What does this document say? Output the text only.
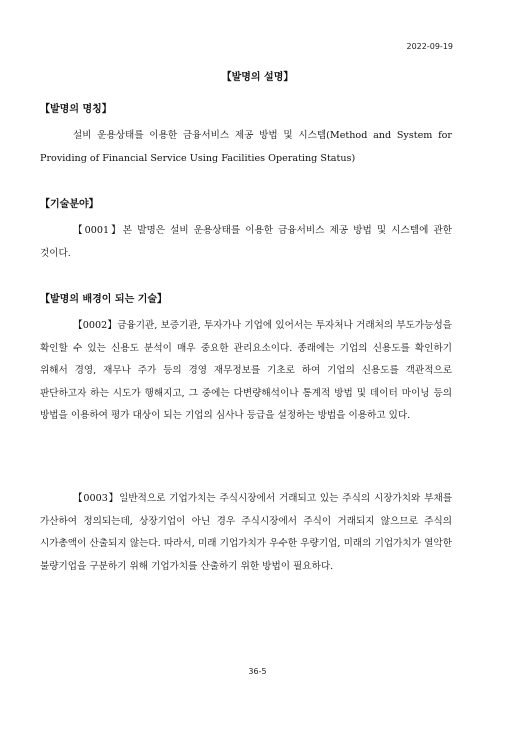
2022-09-19
【발명의 설명】
【발명의 명칭】
설비 운용상태를 이용한 금융서비스 제공 방법 및 시스템(Method and System for Providing of Financial Service Using Facilities Operating Status)
【기술분야】
【0001】본 발명은 설비 운용상태를 이용한 금융서비스 제공 방법 및 시스템에 관한 것이다.
【발명의 배경이 되는 기술】
【0002】금융기관, 보증기관, 투자가나 기업에 있어서는 투자처나 거래처의 부도가능성을 확인할 수 있는 신용도 분석이 매우 중요한 관리요소이다. 종래에는 기업의 신용도를 확인하기 위해서 경영, 재무나 주가 등의 경영 재무정보를 기초로 하여 기업의 신용도를 객관적으로 판단하고자 하는 시도가 행해지고, 그 중에는 다변량해석이나 통계적 방법 및 데이터 마이닝 등의 방법을 이용하여 평가 대상이 되는 기업의 심사나 등급을 설정하는 방법을 이용하고 있다.
【0003】일반적으로 기업가치는 주식시장에서 거래되고 있는 주식의 시장가치와 부채를 가산하여 정의되는데, 상장기업이 아닌 경우 주식시장에서 주식이 거래되지 않으므로 주식의 시가총액이 산출되지 않는다. 따라서, 미래 기업가치가 우수한 우량기업, 미래의 기업가치가 열악한 불량기업을 구분하기 위해 기업가치를 산출하기 위한 방법이 필요하다.
36-5
